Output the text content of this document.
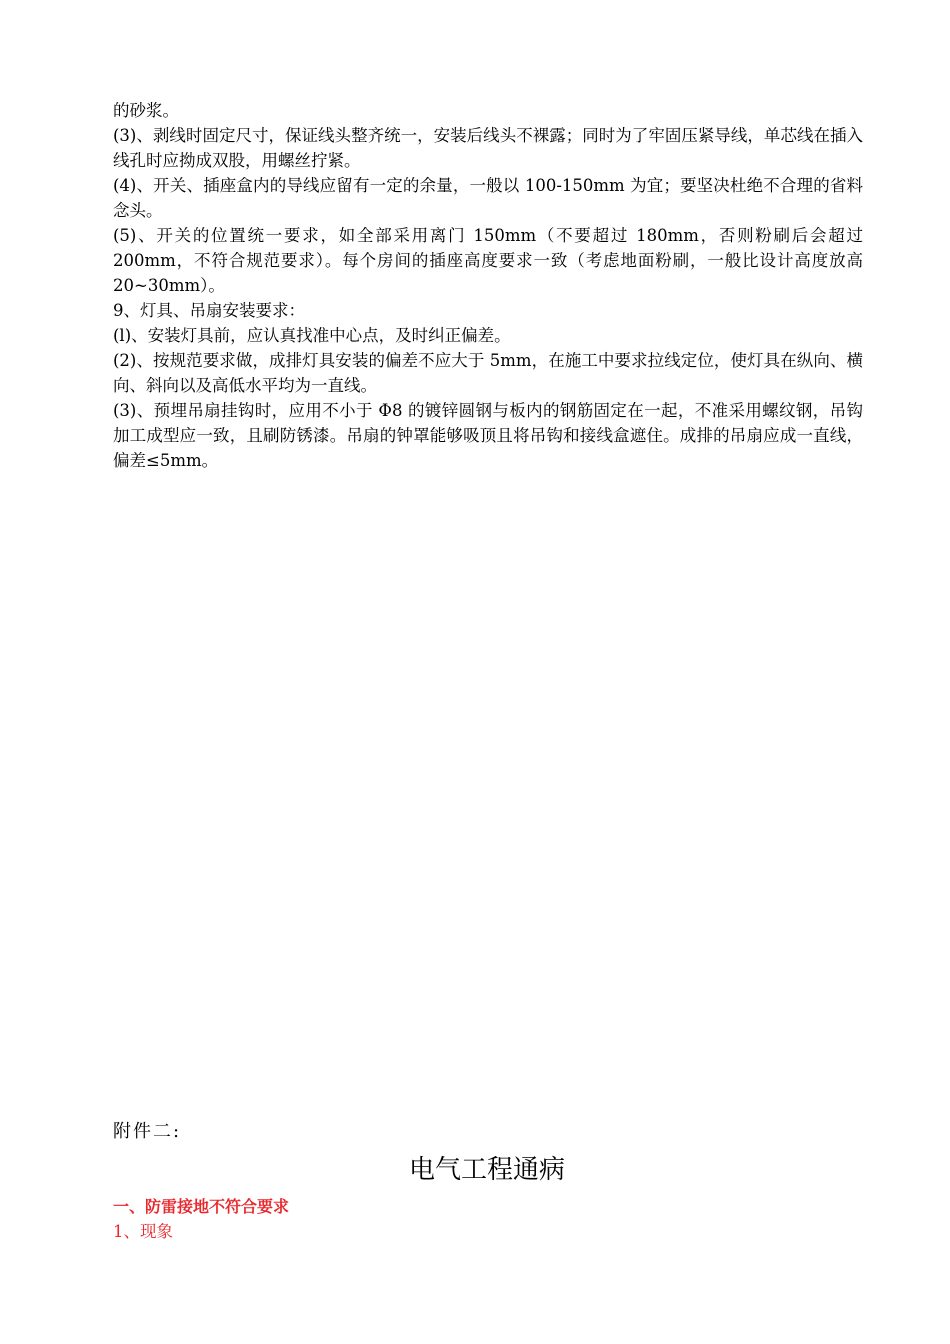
的砂浆。

(3)、剥线时固定尺寸，保证线头整齐统一，安装后线头不裸露；同时为了牢固压紧导线，单芯线在插入线孔时应拗成双股，用螺丝拧紧。

(4)、开关、插座盒内的导线应留有一定的余量，一般以 100-150mm 为宜；要坚决杜绝不合理的省料念头。

(5)、开关的位置统一要求，如全部采用离门 150mm（不要超过 180mm，否则粉刷后会超过 200mm，不符合规范要求）。每个房间的插座高度要求一致（考虑地面粉刷，一般比设计高度放高 20~30mm）。

9、灯具、吊扇安装要求：

(l)、安装灯具前，应认真找准中心点，及时纠正偏差。

(2)、按规范要求做，成排灯具安装的偏差不应大于 5mm，在施工中要求拉线定位，使灯具在纵向、横向、斜向以及高低水平均为一直线。

(3)、预埋吊扇挂钩时，应用不小于 Φ8 的镀锌圆钢与板内的钢筋固定在一起，不准采用螺纹钢，吊钩加工成型应一致，且刷防锈漆。吊扇的钟罩能够吸顶且将吊钩和接线盒遮住。成排的吊扇应成一直线，偏差≤5mm。

附件二:
电气工程通病
一、防雷接地不符合要求
1、现象
